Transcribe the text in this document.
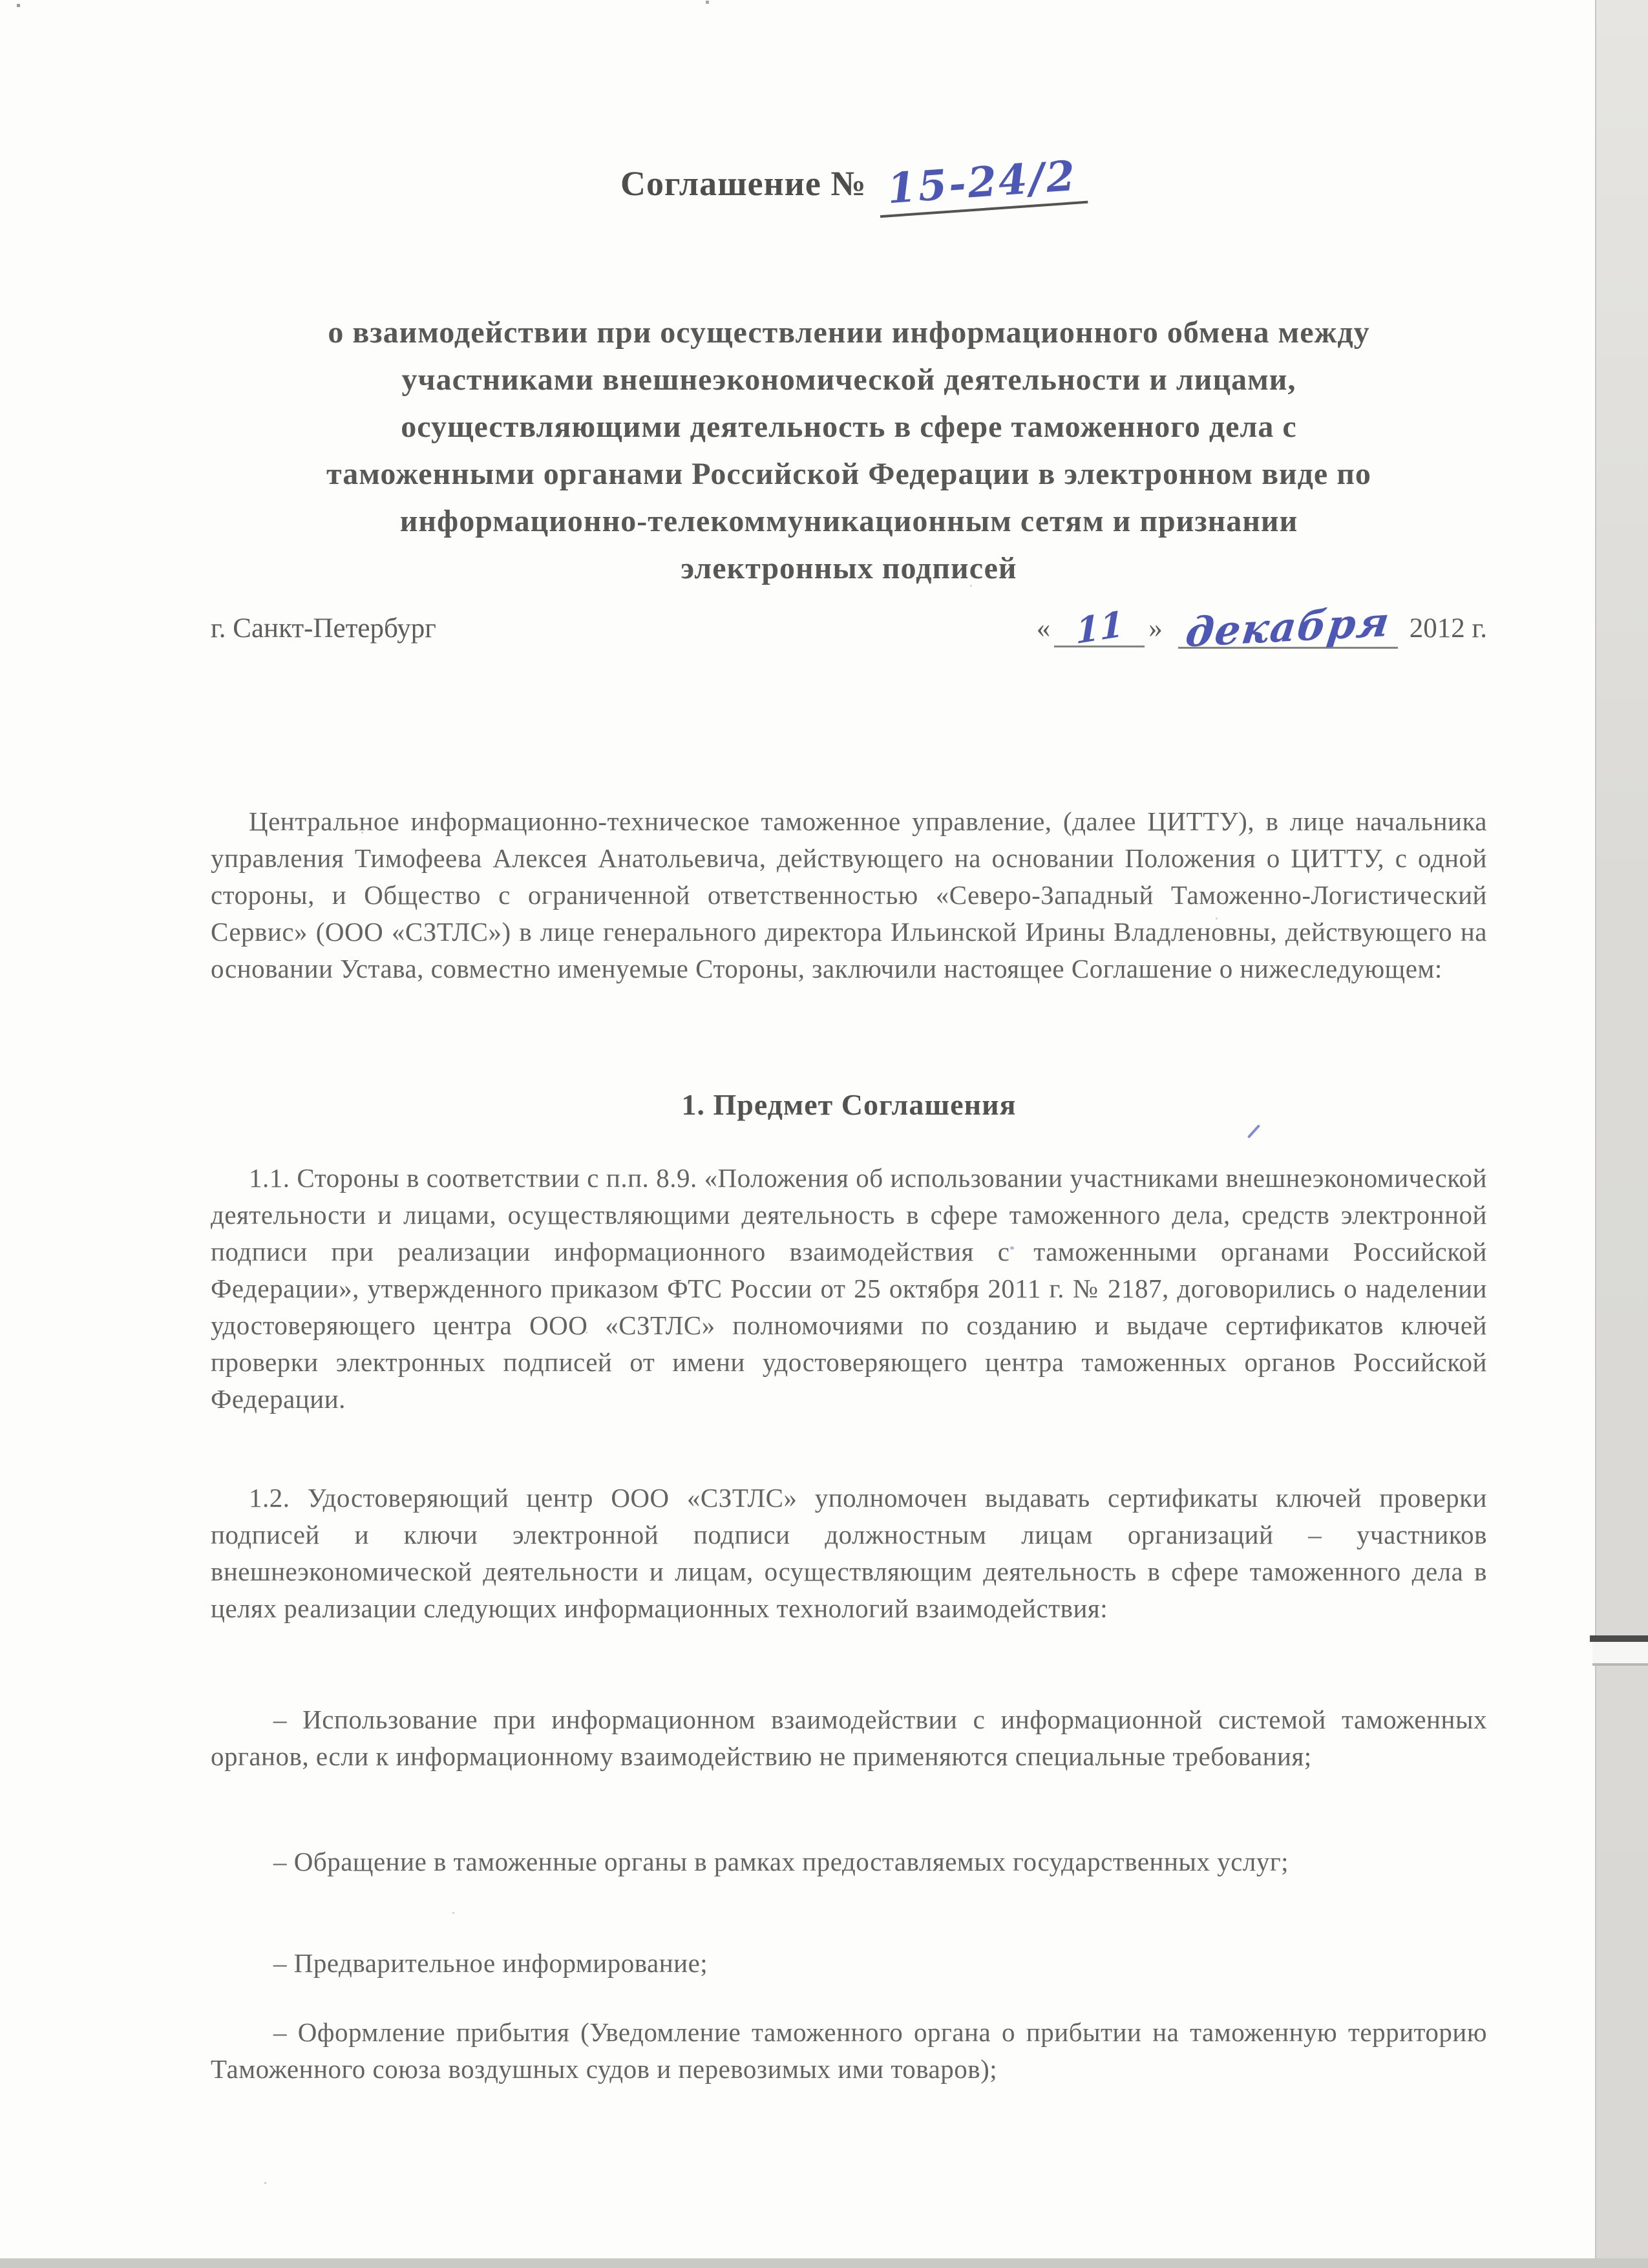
Соглашение № 15-24/2
о взаимодействии при осуществлении информационного обмена между
участниками внешнеэкономической деятельности и лицами,
осуществляющими деятельность в сфере таможенного дела с
таможенными органами Российской Федерации в электронном виде по
информационно-телекоммуникационным сетям и признании
электронных подписей
г. Санкт-Петербург	« 11 » декабря 2012 г.

Центральное информационно-техническое таможенное управление, (далее ЦИТТУ), в лице начальника управления Тимофеева Алексея Анатольевича, действующего на основании Положения о ЦИТТУ, с одной стороны, и Общество с ограниченной ответственностью «Северо-Западный Таможенно-Логистический Сервис» (ООО «СЗТЛС») в лице генерального директора Ильинской Ирины Владленовны, действующего на основании Устава, совместно именуемые Стороны, заключили настоящее Соглашение о нижеследующем:

1. Предмет Соглашения

1.1. Стороны в соответствии с п.п. 8.9. «Положения об использовании участниками внешнеэкономической деятельности и лицами, осуществляющими деятельность в сфере таможенного дела, средств электронной подписи при реализации информационного взаимодействия с таможенными органами Российской Федерации», утвержденного приказом ФТС России от 25 октября 2011 г. № 2187, договорились о наделении удостоверяющего центра ООО «СЗТЛС» полномочиями по созданию и выдаче сертификатов ключей проверки электронных подписей от имени удостоверяющего центра таможенных органов Российской Федерации.

1.2. Удостоверяющий центр ООО «СЗТЛС» уполномочен выдавать сертификаты ключей проверки подписей и ключи электронной подписи должностным лицам организаций – участников внешнеэкономической деятельности и лицам, осуществляющим деятельность в сфере таможенного дела в целях реализации следующих информационных технологий взаимодействия:

– Использование при информационном взаимодействии с информационной системой таможенных органов, если к информационному взаимодействию не применяются специальные требования;

– Обращение в таможенные органы в рамках предоставляемых государственных услуг;

– Предварительное информирование;

– Оформление прибытия (Уведомление таможенного органа о прибытии на таможенную территорию Таможенного союза воздушных судов и перевозимых ими товаров);
